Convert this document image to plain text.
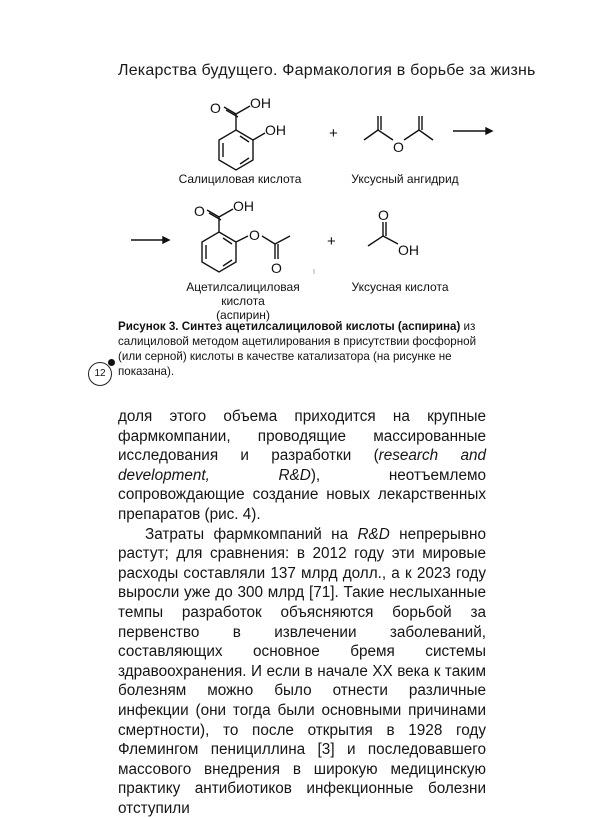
Лекарства будущего. Фармакология в борьбе за жизнь
O OH
OH	+
O
O OH
O
O
+
O
OH
Салициловая кислота	Уксусный ангидрид
Ацетилсалициловая кислота
(аспирин)
Уксусная кислота
ι
Рисунок 3. Синтез ацетилсалициловой кислоты (аспирина) из салициловой методом ацетилирования в присутствии фосфорной (или серной) кислоты в качестве катализатора (на рисунке не показана).
12

доля этого объема приходится на крупные фармкомпании, проводящие массированные исследования и разработки (research and development, R&D), неотъемлемо сопровождающие создание новых лекарственных препаратов (рис. 4).

Затраты фармкомпаний на R&D непрерывно растут; для сравнения: в 2012 году эти мировые расходы составляли 137 млрд долл., а к 2023 году выросли уже до 300 млрд [71]. Такие неслыханные темпы разработок объясняются борьбой за первенство в извлечении заболеваний, составляющих основное бремя системы здравоохранения. И если в начале XX века к таким болезням можно было отнести различные инфекции (они тогда были основными причинами смертности), то после открытия в 1928 году Флемингом пенициллина [3] и последовавшего массового внедрения в широкую медицинскую практику антибиотиков инфекционные болезни отступили
